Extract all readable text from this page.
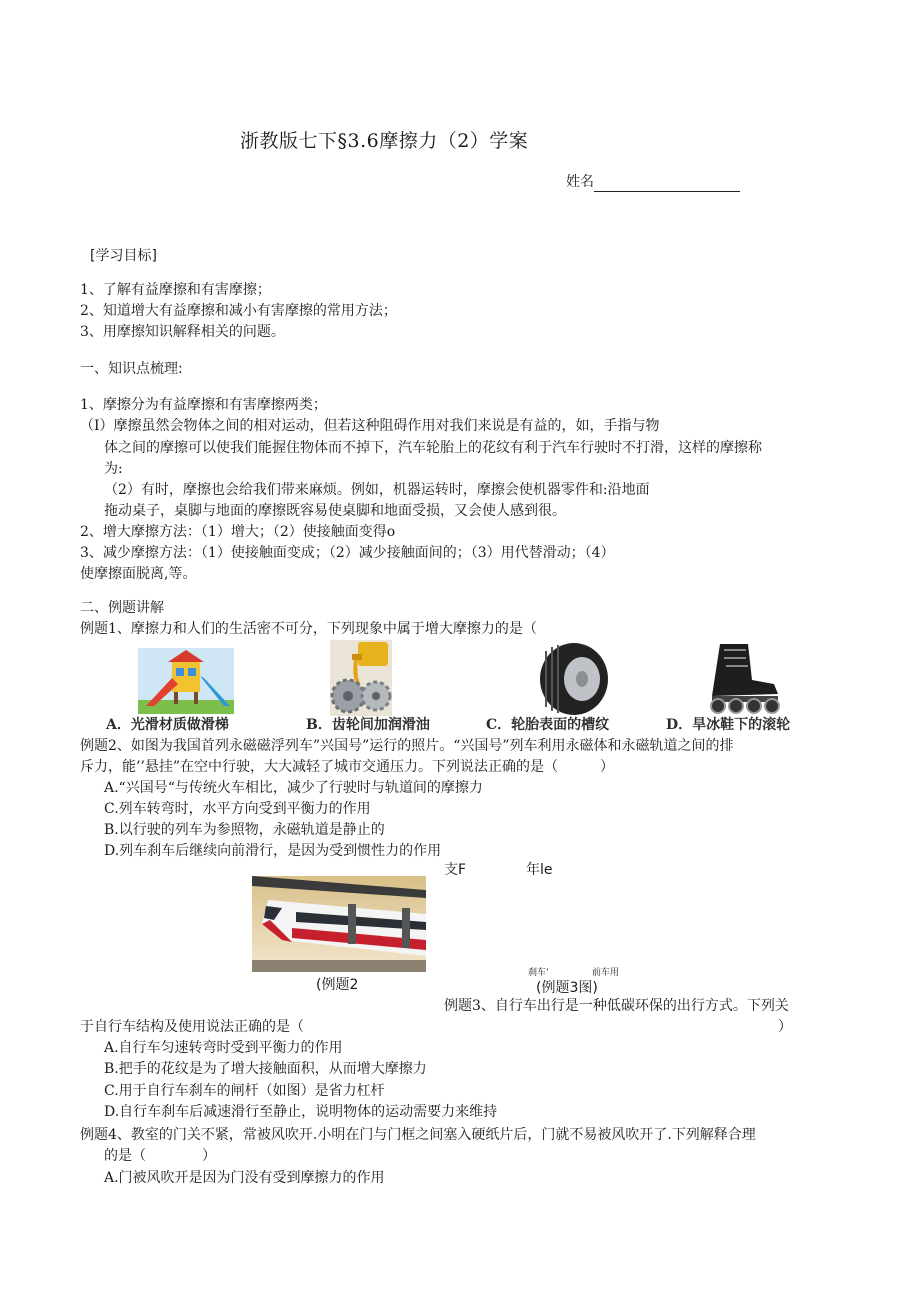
浙教版七下§3.6摩擦力（2）学案
姓名
[学习目标]
1、了解有益摩擦和有害摩擦；
2、知道增大有益摩擦和减小有害摩擦的常用方法；
3、用摩擦知识解释相关的问题。
一、知识点梳理:
1、摩擦分为有益摩擦和有害摩擦两类；
（I）摩擦虽然会物体之间的相对运动，但若这种阻碍作用对我们来说是有益的，如，手指与物
体之间的摩擦可以使我们能握住物体而不掉下，汽车轮胎上的花纹有利于汽车行驶时不打滑，这样的摩擦称
为:
（2）有时，摩擦也会给我们带来麻烦。例如，机器运转时，摩擦会使机器零件和:沿地面
拖动桌子，桌脚与地面的摩擦既容易使桌脚和地面受损，又会使人感到很。
2、增大摩擦方法：（1）增大；（2）使接触面变得o
3、减少摩擦方法：（1）使接触面变成；（2）减少接触面间的；（3）用代替滑动；（4）
使摩擦面脱离,等。
二、例题讲解
例题1、摩擦力和人们的生活密不可分，下列现象中属于增大摩擦力的是（
A．光滑材质做滑梯	B．齿轮间加润滑油	C．轮胎表面的槽纹	D．旱冰鞋下的滚轮
例题2、如图为我国首列永磁磁浮列车”兴国号”运行的照片。“兴国号”列车利用永磁体和永磁轨道之间的排
斥力，能’’悬挂”在空中行驶，大大减轻了城市交通压力。下列说法正确的是（　　　）
A.“兴国号“与传统火车相比，减少了行驶时与轨道间的摩擦力
C.列车转弯时，水平方向受到平衡力的作用
B.以行驶的列车为参照物，永磁轨道是静止的
D.列车刹车后继续向前滑行，是因为受到惯性力的作用
支F	年le
刹车’	前车用
(例题2	(例题3图)
例题3、自行车出行是一种低碳环保的出行方式。下列关
于自行车结构及使用说法正确的是（	）
A.自行车匀速转弯时受到平衡力的作用
B.把手的花纹是为了增大接触面积，从而增大摩擦力
C.用于自行车刹车的闸杆（如图）是省力杠杆
D.自行车刹车后减速滑行至静止，说明物体的运动需要力来维持
例题4、教室的门关不紧，常被风吹开.小明在门与门框之间塞入硬纸片后，门就不易被风吹开了.下列解释合理
的是（　　　　）
A.门被风吹开是因为门没有受到摩擦力的作用
